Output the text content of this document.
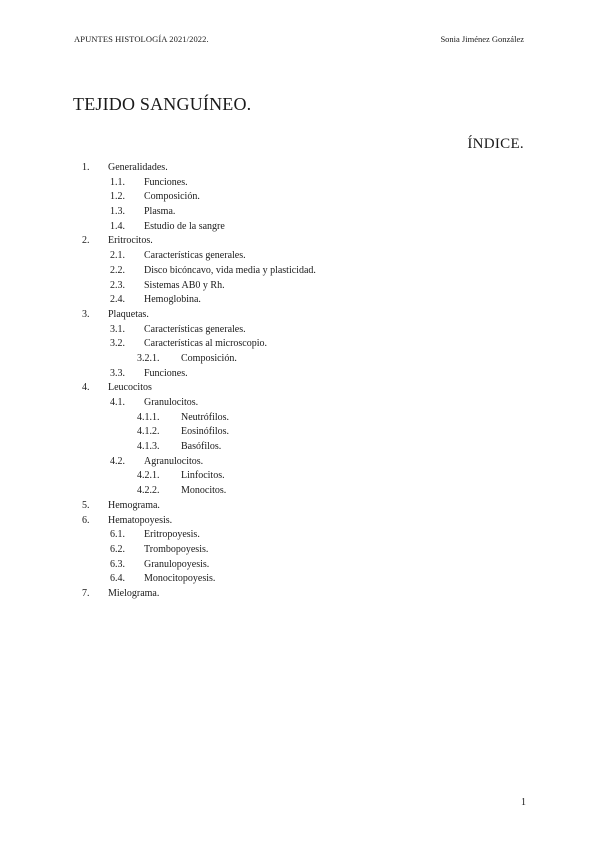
APUNTES HISTOLOGÍA 2021/2022.	Sonia Jiménez González
TEJIDO SANGUÍNEO.
ÍNDICE.
1. Generalidades.
1.1. Funciones.
1.2. Composición.
1.3. Plasma.
1.4. Estudio de la sangre
2. Eritrocitos.
2.1. Características generales.
2.2. Disco bicóncavo, vida media y plasticidad.
2.3. Sistemas AB0 y Rh.
2.4. Hemoglobina.
3. Plaquetas.
3.1. Características generales.
3.2. Características al microscopio.
3.2.1. Composición.
3.3. Funciones.
4. Leucocitos
4.1. Granulocitos.
4.1.1. Neutrófilos.
4.1.2. Eosinófilos.
4.1.3. Basófilos.
4.2. Agranulocitos.
4.2.1. Linfocitos.
4.2.2. Monocitos.
5. Hemograma.
6. Hematopoyesis.
6.1. Eritropoyesis.
6.2. Trombopoyesis.
6.3. Granulopoyesis.
6.4. Monocitopoyesis.
7. Mielograma.
1
